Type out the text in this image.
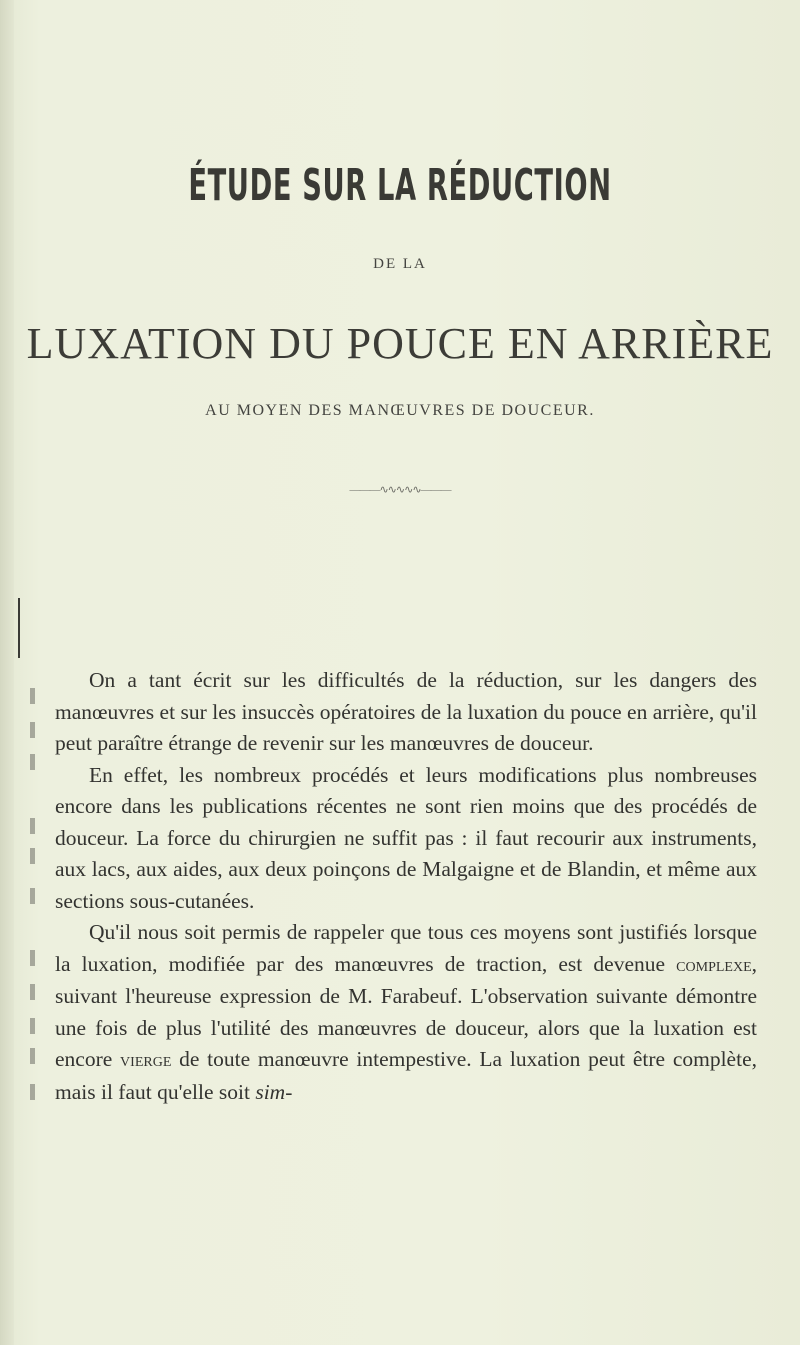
ÉTUDE SUR LA RÉDUCTION
DE LA
LUXATION DU POUCE EN ARRIÈRE
AU MOYEN DES MANŒUVRES DE DOUCEUR.
———∿∿∿∿∿———

On a tant écrit sur les difficultés de la réduction, sur les dangers des manœuvres et sur les insuccès opératoires de la luxation du pouce en arrière, qu'il peut paraître étrange de revenir sur les manœuvres de douceur.

En effet, les nombreux procédés et leurs modifications plus nombreuses encore dans les publications récentes ne sont rien moins que des procédés de douceur. La force du chirurgien ne suffit pas : il faut recourir aux instruments, aux lacs, aux aides, aux deux poinçons de Malgaigne et de Blandin, et même aux sections sous-cutanées.

Qu'il nous soit permis de rappeler que tous ces moyens sont justifiés lorsque la luxation, modifiée par des manœuvres de traction, est devenue complexe, suivant l'heureuse expression de M. Farabeuf. L'observation suivante démontre une fois de plus l'utilité des manœuvres de douceur, alors que la luxation est encore vierge de toute manœuvre intempestive. La luxation peut être complète, mais il faut qu'elle soit sim-
